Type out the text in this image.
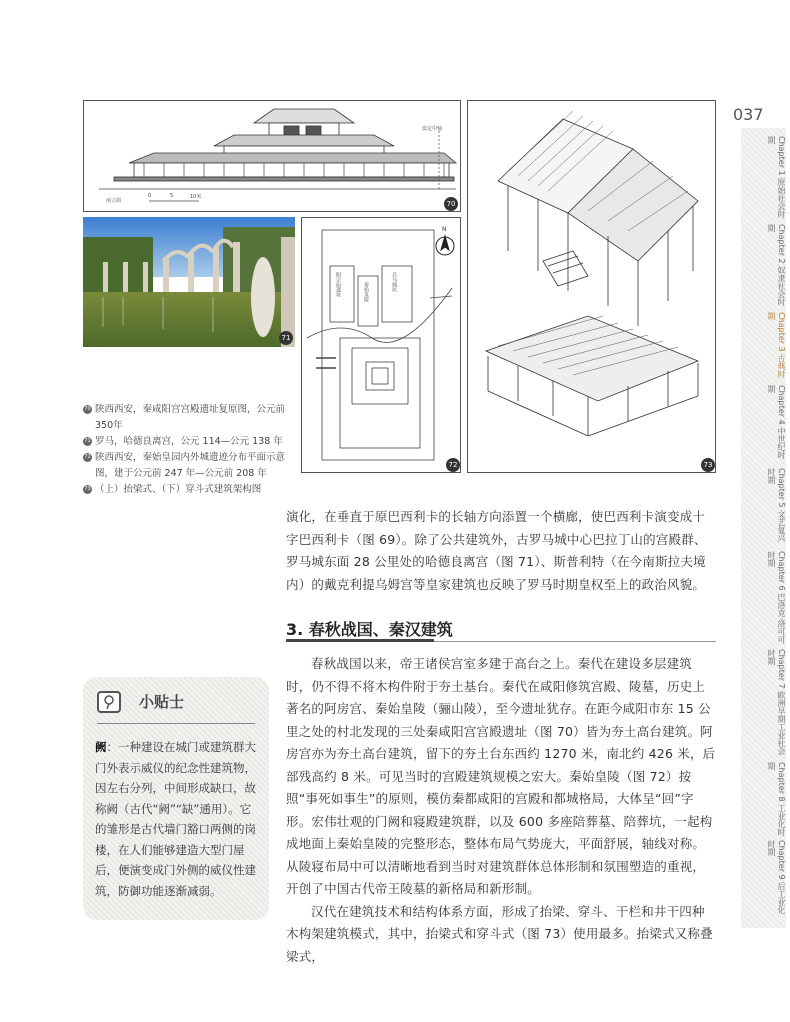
南立面
设定中轴
0	5	10米
70
71
N
阳宗庙遗址	秦始皇陵	兵马俑坑
72	73
70 陕西西安，秦咸阳宫宫殿遗址复原图，公元前350年
71 罗马，哈德良离宫，公元 114—公元 138 年
72 陕西西安，秦始皇园内外城遗迹分布平面示意图，建于公元前 247 年—公元前 208 年
73 （上）抬梁式、（下）穿斗式建筑架构图

演化，在垂直于原巴西利卡的长轴方向添置一个横廊，使巴西利卡演变成十字巴西利卡（图 69）。除了公共建筑外，古罗马城中心巴拉丁山的宫殿群、罗马城东面 28 公里处的哈德良离宫（图 71）、斯普利特（在今南斯拉夫境内）的戴克利提乌姆宫等皇家建筑也反映了罗马时期皇权至上的政治风貌。

3. 春秋战国、秦汉建筑

春秋战国以来，帝王诸侯宫室多建于高台之上。秦代在建设多层建筑时，仍不得不将木构件附于夯土基台。秦代在咸阳修筑宫殿、陵墓，历史上著名的阿房宫、秦始皇陵（骊山陵），至今遗址犹存。在距今咸阳市东 15 公里之处的村北发现的三处秦咸阳宫宫殿遗址（图 70）皆为夯土高台建筑。阿房宫亦为夯土高台建筑，留下的夯土台东西约 1270 米，南北约 426 米，后部残高约 8 米。可见当时的宫殿建筑规模之宏大。秦始皇陵（图 72）按照“事死如事生”的原则，模仿秦都咸阳的宫殿和都城格局，大体呈“回”字形。宏伟壮观的门阙和寝殿建筑群，以及 600 多座陪葬墓、陪葬坑，一起构成地面上秦始皇陵的完整形态，整体布局气势庞大，平面舒展，轴线对称。从陵寝布局中可以清晰地看到当时对建筑群体总体形制和氛围塑造的重视，开创了中国古代帝王陵墓的新格局和新形制。

汉代在建筑技术和结构体系方面，形成了抬梁、穿斗、干栏和井干四种木构架建筑模式，其中，抬梁式和穿斗式（图 73）使用最多。抬梁式又称叠梁式，

小贴士
阙：一种建设在城门或建筑群大门外表示威仪的纪念性建筑物，因左右分列，中间形成缺口，故称阙（古代“阙”“缺”通用）。它的雏形是古代墙门豁口两侧的岗楼，在人们能够建造大型门屋后，便演变成门外侧的威仪性建筑，防御功能逐渐减弱。
037
Chapter 1 原始社会时期
Chapter 2 奴隶社会时期
Chapter 3 古典时期
Chapter 4 中世纪时期
Chapter 5 文艺复兴时期
Chapter 6 巴洛克·洛可可时期
Chapter 7 欧洲早期工业社会时期
Chapter 8 工业化时期
Chapter 9 后工业化时期
